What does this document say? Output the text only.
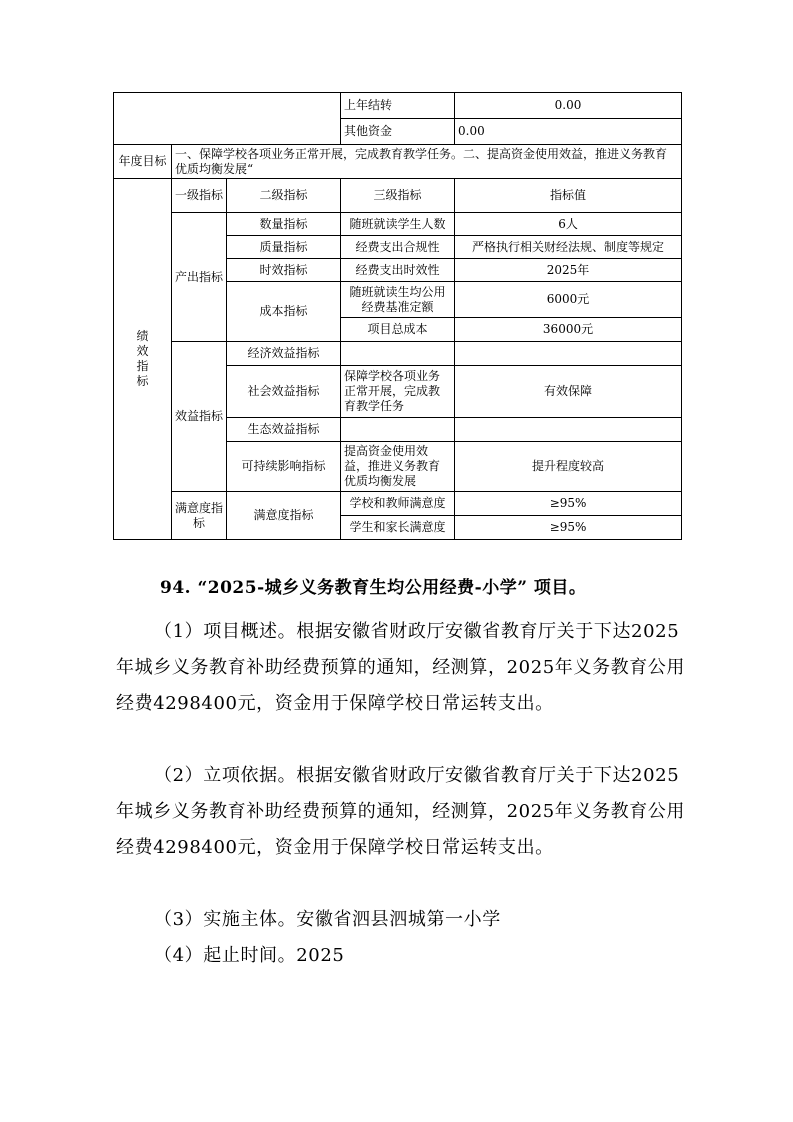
			上年结转	0.00
			其他资金	0.00
年度目标	一、保障学校各项业务正常开展，完成教育教学任务。二、提高资金使用效益，推进义务教育优质均衡发展“			
绩效指标	一级指标	二级指标	三级指标	指标值
	产出指标	数量指标	随班就读学生人数	6人
		质量指标	经费支出合规性	严格执行相关财经法规、制度等规定
		时效指标	经费支出时效性	2025年
		成本指标	随班就读生均公用经费基准定额	6000元
			项目总成本	36000元
	效益指标	经济效益指标		
		社会效益指标	保障学校各项业务正常开展，完成教育教学任务	有效保障
		生态效益指标		
		可持续影响指标	提高资金使用效益，推进义务教育优质均衡发展	提升程度较高
	满意度指标	满意度指标	学校和教师满意度	≥95%
			学生和家长满意度	≥95%
94. “2025-城乡义务教育生均公用经费-小学” 项目。

（1）项目概述。根据安徽省财政厅安徽省教育厅关于下达2025年城乡义务教育补助经费预算的通知，经测算，2025年义务教育公用经费4298400元，资金用于保障学校日常运转支出。

（2）立项依据。根据安徽省财政厅安徽省教育厅关于下达2025年城乡义务教育补助经费预算的通知，经测算，2025年义务教育公用经费4298400元，资金用于保障学校日常运转支出。

（3）实施主体。安徽省泗县泗城第一小学

（4）起止时间。2025
